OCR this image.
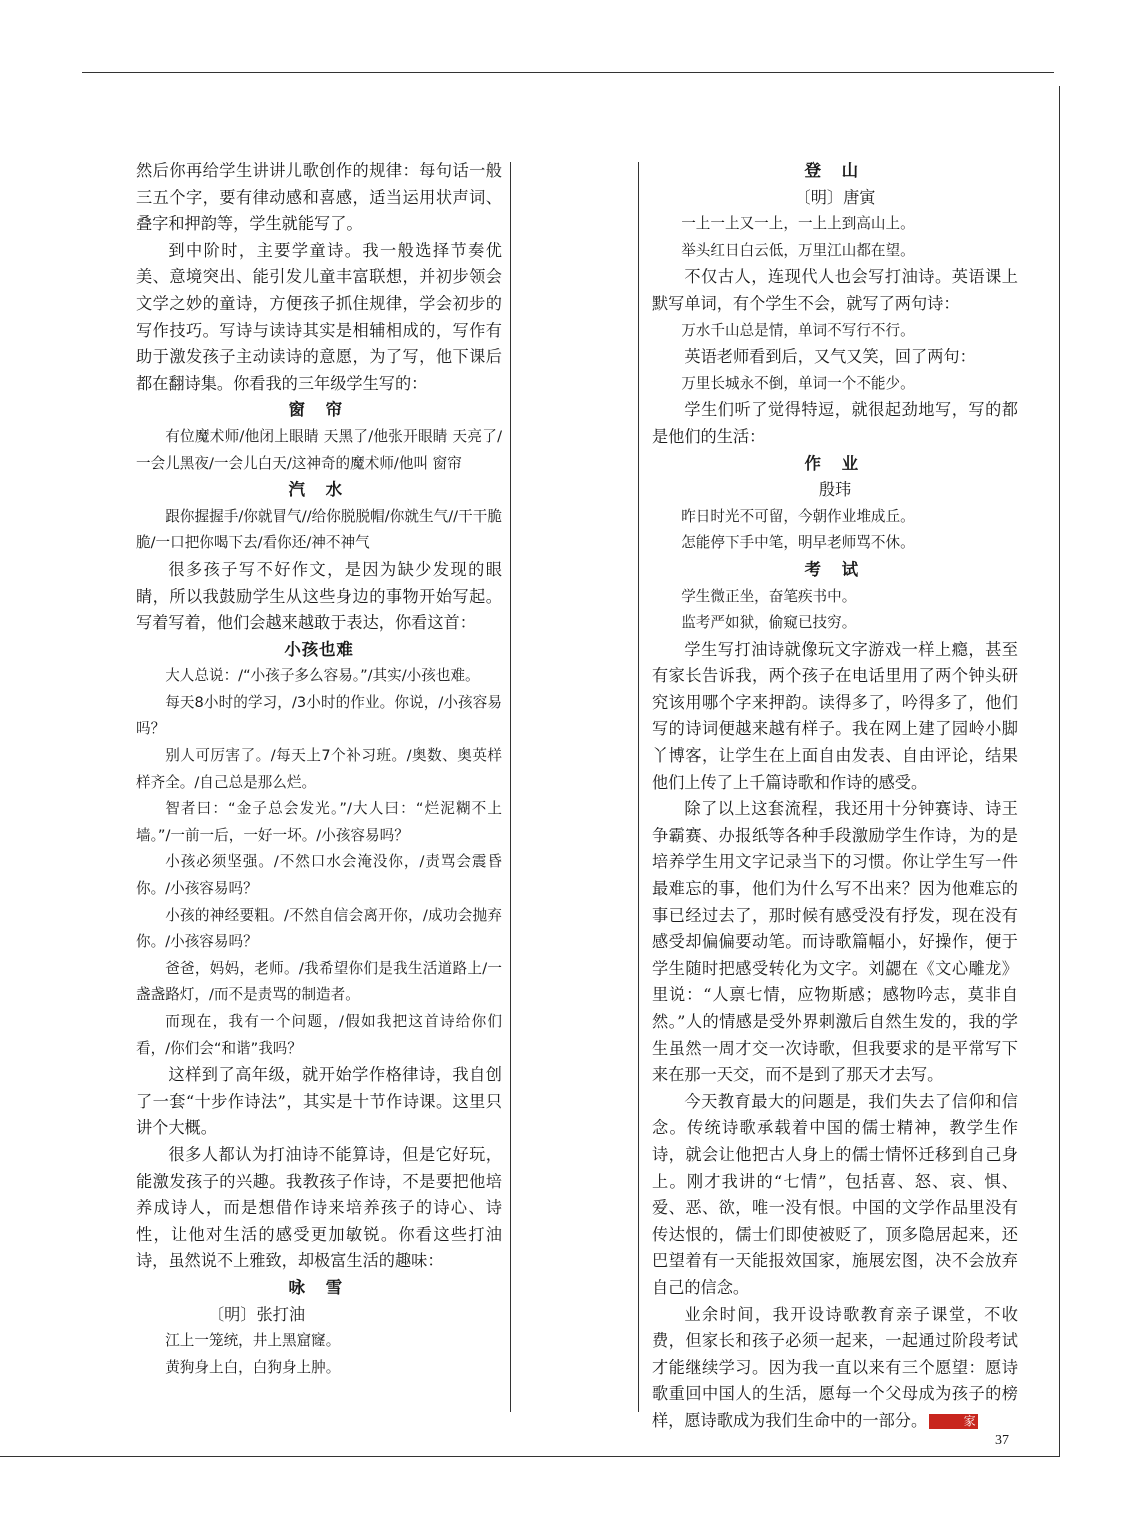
然后你再给学生讲讲儿歌创作的规律：每句话一般三五个字，要有律动感和喜感，适当运用状声词、叠字和押韵等，学生就能写了。

到中阶时，主要学童诗。我一般选择节奏优美、意境突出、能引发儿童丰富联想，并初步领会文学之妙的童诗，方便孩子抓住规律，学会初步的写作技巧。写诗与读诗其实是相辅相成的，写作有助于激发孩子主动读诗的意愿，为了写，他下课后都在翻诗集。你看我的三年级学生写的：

窗 帘

有位魔术师/他闭上眼睛 天黑了/他张开眼睛 天亮了/一会儿黑夜/一会儿白天/这神奇的魔术师/他叫 窗帘

汽 水

跟你握握手/你就冒气//给你脱脱帽/你就生气//干干脆脆/一口把你喝下去/看你还/神不神气

很多孩子写不好作文，是因为缺少发现的眼睛，所以我鼓励学生从这些身边的事物开始写起。写着写着，他们会越来越敢于表达，你看这首：

小孩也难

大人总说：/“小孩子多么容易。”/其实/小孩也难。

每天8小时的学习，/3小时的作业。你说，/小孩容易吗？

别人可厉害了。/每天上7个补习班。/奥数、奥英样样齐全。/自己总是那么烂。

智者曰：“金子总会发光。”/大人曰：“烂泥糊不上墙。”/一前一后，一好一坏。/小孩容易吗？

小孩必须坚强。/不然口水会淹没你，/责骂会震昏你。/小孩容易吗？

小孩的神经要粗。/不然自信会离开你，/成功会抛弃你。/小孩容易吗？

爸爸，妈妈，老师。/我希望你们是我生活道路上/一盏盏路灯，/而不是责骂的制造者。

而现在，我有一个问题，/假如我把这首诗给你们看，/你们会“和谐”我吗？

这样到了高年级，就开始学作格律诗，我自创了一套“十步作诗法”，其实是十节作诗课。这里只讲个大概。

很多人都认为打油诗不能算诗，但是它好玩，能激发孩子的兴趣。我教孩子作诗，不是要把他培养成诗人，而是想借作诗来培养孩子的诗心、诗性，让他对生活的感受更加敏锐。你看这些打油诗，虽然说不上雅致，却极富生活的趣味：

咏 雪

〔明〕张打油

江上一笼统，井上黑窟窿。

黄狗身上白，白狗身上肿。

登 山

〔明〕唐寅

一上一上又一上，一上上到高山上。

举头红日白云低，万里江山都在望。

不仅古人，连现代人也会写打油诗。英语课上默写单词，有个学生不会，就写了两句诗：

万水千山总是情，单词不写行不行。

英语老师看到后，又气又笑，回了两句：

万里长城永不倒，单词一个不能少。

学生们听了觉得特逗，就很起劲地写，写的都是他们的生活：

作 业

殷玮

昨日时光不可留，今朝作业堆成丘。

怎能停下手中笔，明早老师骂不休。

考 试

学生微正坐，奋笔疾书中。

监考严如狱，偷窥已技穷。

学生写打油诗就像玩文字游戏一样上瘾，甚至有家长告诉我，两个孩子在电话里用了两个钟头研究该用哪个字来押韵。读得多了，吟得多了，他们写的诗词便越来越有样子。我在网上建了园岭小脚丫博客，让学生在上面自由发表、自由评论，结果他们上传了上千篇诗歌和作诗的感受。

除了以上这套流程，我还用十分钟赛诗、诗王争霸赛、办报纸等各种手段激励学生作诗，为的是培养学生用文字记录当下的习惯。你让学生写一件最难忘的事，他们为什么写不出来？因为他难忘的事已经过去了，那时候有感受没有抒发，现在没有感受却偏偏要动笔。而诗歌篇幅小，好操作，便于学生随时把感受转化为文字。刘勰在《文心雕龙》里说：“人禀七情，应物斯感；感物吟志，莫非自然。”人的情感是受外界刺激后自然生发的，我的学生虽然一周才交一次诗歌，但我要求的是平常写下来在那一天交，而不是到了那天才去写。

今天教育最大的问题是，我们失去了信仰和信念。传统诗歌承载着中国的儒士精神，教学生作诗，就会让他把古人身上的儒士情怀迁移到自己身上。刚才我讲的“七情”，包括喜、怒、哀、惧、爱、恶、欲，唯一没有恨。中国的文学作品里没有传达恨的，儒士们即使被贬了，顶多隐居起来，还巴望着有一天能报效国家，施展宏图，决不会放弃自己的信念。

业余时间，我开设诗歌教育亲子课堂，不收费，但家长和孩子必须一起来，一起通过阶段考试才能继续学习。因为我一直以来有三个愿望：愿诗歌重回中国人的生活，愿每一个父母成为孩子的榜样，愿诗歌成为我们生命中的一部分。	家

37
